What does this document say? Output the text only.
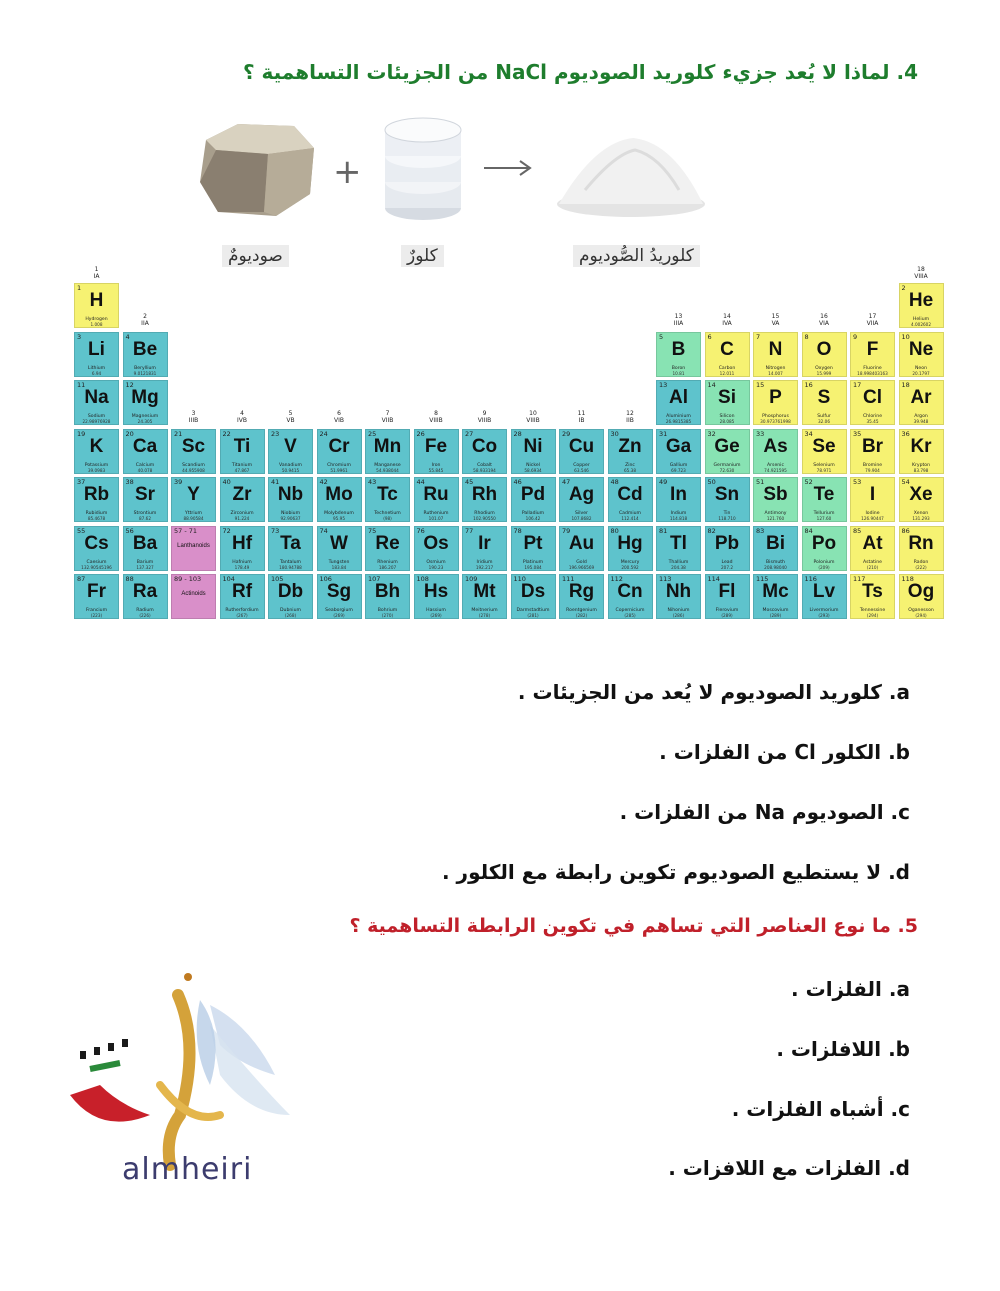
4. لماذا لا يُعد جزيء كلوريد الصوديوم NaCl من الجزيئات التساهمية ؟
+
صوديومٌ	كلورٌ	كلوريدُ الصُّوديوم
1
IA
2
IIA
3
IIIB
4
IVB
5
VB
6
VIB
7
VIIB
8
VIIIB
9
VIIIB
10
VIIIB
11
IB
12
IIB
13
IIIA
14
IVA
15
VA
16
VIA
17
VIIA
18
VIIIA
1
H
Hydrogen
1.008
2
He
Helium
4.002602
3
Li
Lithium
6.94
4
Be
Beryllium
9.0121831
5
B
Boron
10.81
6
C
Carbon
12.011
7
N
Nitrogen
14.007
8
O
Oxygen
15.999
9
F
Fluorine
18.998403163
10
Ne
Neon
20.1797
11
Na
Sodium
22.98976928
12
Mg
Magnesium
24.305
13
Al
Aluminium
26.9815385
14
Si
Silicon
28.085
15
P
Phosphorus
30.973761998
16
S
Sulfur
32.06
17
Cl
Chlorine
35.45
18
Ar
Argon
39.948
19
K
Potassium
39.0983
20
Ca
Calcium
40.078
21
Sc
Scandium
44.955908
22
Ti
Titanium
47.867
23
V
Vanadium
50.9415
24
Cr
Chromium
51.9961
25
Mn
Manganese
54.938044
26
Fe
Iron
55.845
27
Co
Cobalt
58.933194
28
Ni
Nickel
58.6934
29
Cu
Copper
63.546
30
Zn
Zinc
65.38
31
Ga
Gallium
69.723
32
Ge
Germanium
72.630
33
As
Arsenic
74.921595
34
Se
Selenium
78.971
35
Br
Bromine
79.904
36
Kr
Krypton
83.798
37
Rb
Rubidium
85.4678
38
Sr
Strontium
87.62
39
Y
Yttrium
88.90584
40
Zr
Zirconium
91.224
41
Nb
Niobium
92.90637
42
Mo
Molybdenum
95.95
43
Tc
Technetium
(98)
44
Ru
Ruthenium
101.07
45
Rh
Rhodium
102.90550
46
Pd
Palladium
106.42
47
Ag
Silver
107.8682
48
Cd
Cadmium
112.414
49
In
Indium
114.818
50
Sn
Tin
118.710
51
Sb
Antimony
121.760
52
Te
Tellurium
127.60
53
I
Iodine
126.90447
54
Xe
Xenon
131.293
55
Cs
Caesium
132.90545196
56
Ba
Barium
137.327
57 - 71
Lanthanoids
72
Hf
Hafnium
178.49
73
Ta
Tantalum
180.94788
74
W
Tungsten
183.84
75
Re
Rhenium
186.207
76
Os
Osmium
190.23
77
Ir
Iridium
192.217
78
Pt
Platinum
195.084
79
Au
Gold
196.966569
80
Hg
Mercury
200.592
81
Tl
Thallium
204.38
82
Pb
Lead
207.2
83
Bi
Bismuth
208.98040
84
Po
Polonium
(209)
85
At
Astatine
(210)
86
Rn
Radon
(222)
87
Fr
Francium
(223)
88
Ra
Radium
(226)
89 - 103
Actinoids
104
Rf
Rutherfordium
(267)
105
Db
Dubnium
(268)
106
Sg
Seaborgium
(269)
107
Bh
Bohrium
(270)
108
Hs
Hassium
(269)
109
Mt
Meitnerium
(278)
110
Ds
Darmstadtium
(281)
111
Rg
Roentgenium
(282)
112
Cn
Copernicium
(285)
113
Nh
Nihonium
(286)
114
Fl
Flerovium
(289)
115
Mc
Moscovium
(289)
116
Lv
Livermorium
(293)
117
Ts
Tennessine
(294)
118
Og
Oganesson
(294)
a. كلوريد الصوديوم لا يُعد من الجزيئات .
b. الكلور Cl من الفلزات .
c. الصوديوم Na من الفلزات .
d. لا يستطيع الصوديوم تكوين رابطة مع الكلور .
5. ما نوع العناصر التي تساهم في تكوين الرابطة التساهمية ؟
a. الفلزات .
b. اللافلزات .
c. أشباه الفلزات .
d. الفلزات مع اللافزات .
almheiri
